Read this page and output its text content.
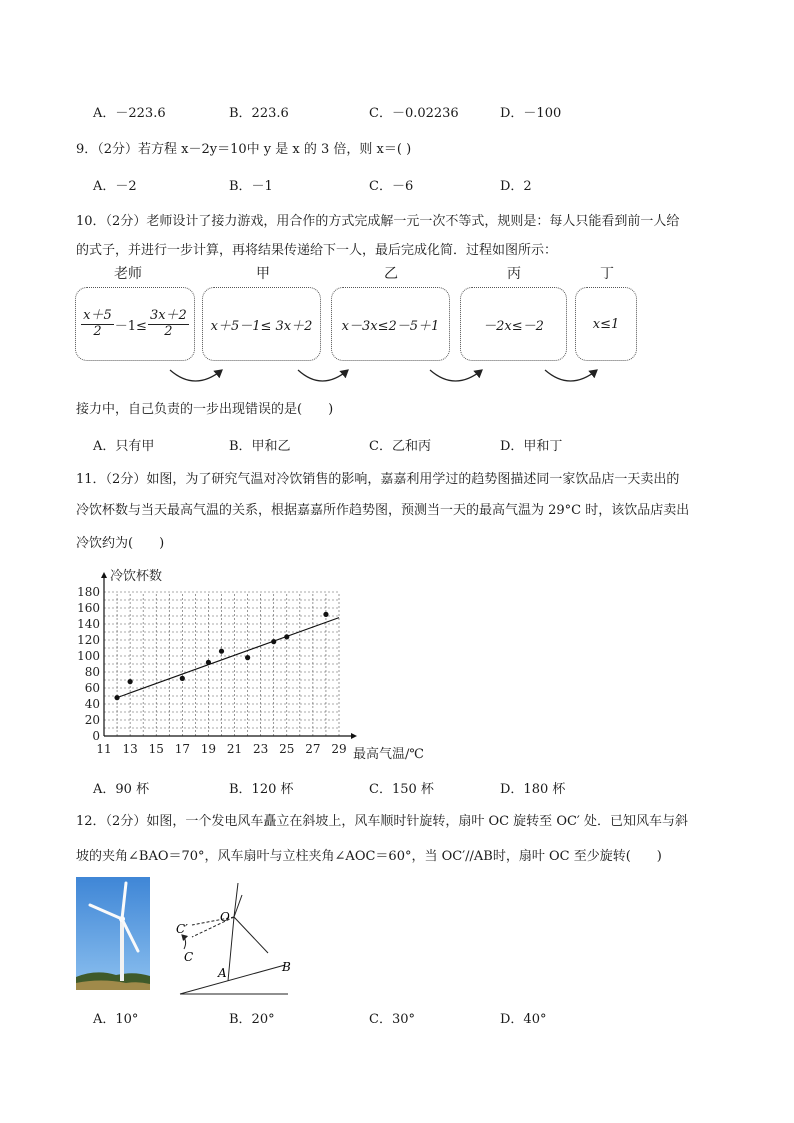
A．－223.6	B．223.6	C．－0.02236	D．－100
9．（2分）若方程 x－2y＝10中 y 是 x 的 3 倍，则 x＝( )
A．－2	B．－1	C．－6	D．2
10．（2分）老师设计了接力游戏，用合作的方式完成解一元一次不等式，规则是：每人只能看到前一人给
的式子，并进行一步计算，再将结果传递给下一人，最后完成化简．过程如图所示：
老师	甲	乙	丙	丁
$\frac{x+5}{2} -1\le \frac{3x+2}{2} x+5-1\le 3x+2$ x－3x≤2－5＋1	－2x≤－2	x≤1
接力中，自己负责的一步出现错误的是(　　)
A．只有甲	B．甲和乙	C．乙和丙	D．甲和丁
11．（2分）如图，为了研究气温对冷饮销售的影响，嘉嘉利用学过的趋势图描述同一家饮品店一天卖出的
冷饮杯数与当天最高气温的关系，根据嘉嘉所作趋势图，预测当一天的最高气温为 29°C 时，该饮品店卖出
冷饮约为(　　)
11 13 15 17 19 21 23 25 27 29
0
20
40
60
80
100
120
140
160
180
冷饮杯数
最高气温/℃
A．90 杯	B．120 杯	C．150 杯	D．180 杯
12．（2分）如图，一个发电风车矗立在斜坡上，风车顺时针旋转，扇叶 OC 旋转至 OC′ 处．已知风车与斜
坡的夹角∠BAO＝70°，风车扇叶与立柱夹角∠AOC＝60°，当 OC′//AB时，扇叶 OC 至少旋转(　　)
O
C′
C
A	B
A．10°	B．20°	C．30°	D．40°
